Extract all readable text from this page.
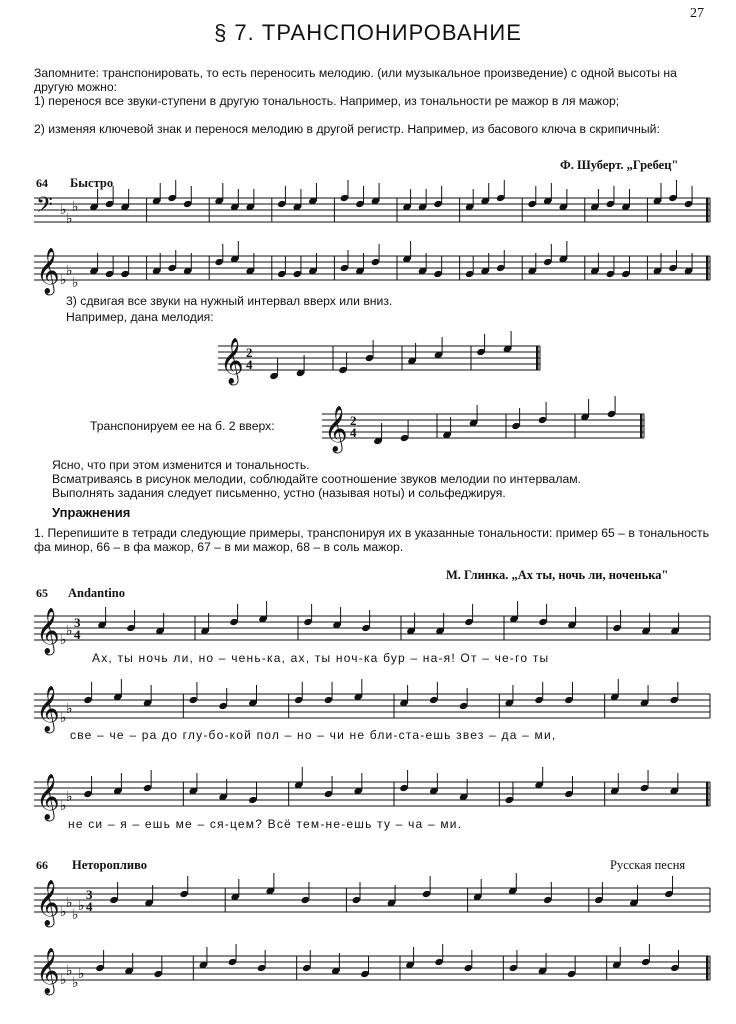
27
§ 7. ТРАНСПОНИРОВАНИЕ
Запомните: транспонировать, то есть переносить мелодию. (или музыкальное произведение) с одной высоты на другую можно:
1) перенося все звуки-ступени в другую тональность. Например, из тональности ре мажор в ля мажор;
2) изменяя ключевой знак и перенося мелодию в другой регистр. Например, из басового ключа в скрипичный:
Ф. Шуберт. „Гребец"
64 Быстро
𝄢 ♭
♭
♭
𝄞 ♭
♭
♭
3) сдвигая все звуки на нужный интервал вверх или вниз.
Например, дана мелодия:
𝄞 2
4
Транспонируем ее на б. 2 вверх:	𝄞 2
4
Ясно, что при этом изменится и тональность.
Всматриваясь в рисунок мелодии, соблюдайте соотношение звуков мелодии по интервалам.
Выполнять задания следует письменно, устно (называя ноты) и сольфеджируя.
Упражнения
1. Перепишите в тетради следующие примеры, транспонируя их в указанные тональности: пример 65 – в тональность фа минор, 66 – в фа мажор, 67 – в ми мажор, 68 – в соль мажор.
М. Глинка. „Ах ты, ночь ли, ноченька"
65 Andantino
𝄞 ♭
♭
3
4
Ах, ты ночь ли, но – чень-ка, ах, ты ноч-ка бур – на-я! От – че-го ты
𝄞 ♭
♭
све – че – ра до глу-бо-кой пол – но – чи не бли-ста-ешь звез – да – ми,
𝄞 ♭
♭
не си – я – ешь ме – ся-цем? Всё тем-не-ешь ту – ча – ми.
66 Неторопливо	Русская песня
𝄞 ♭
♭
♭
♭
3
4
𝄞 ♭
♭
♭
♭
